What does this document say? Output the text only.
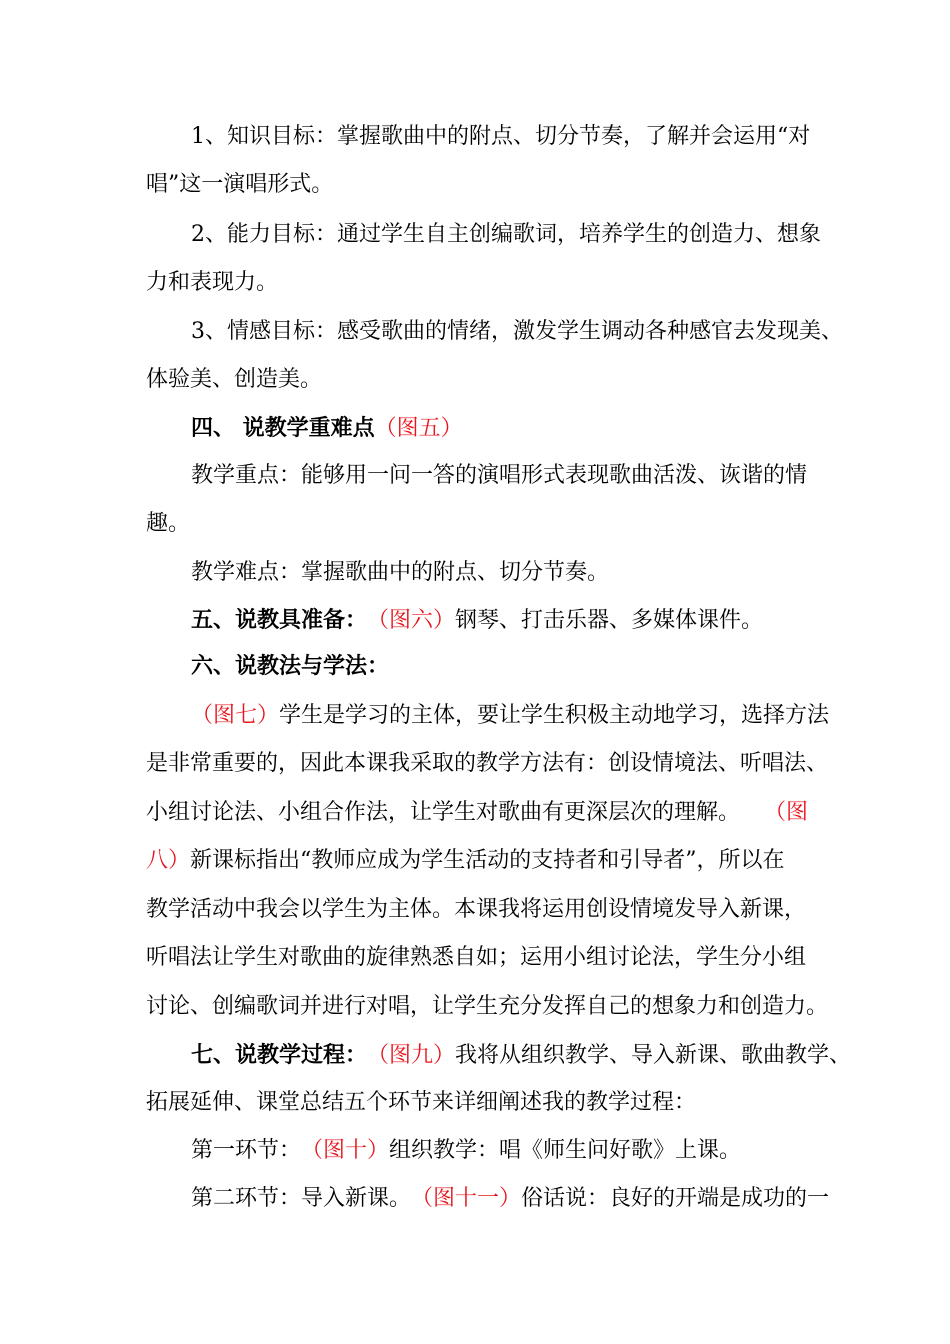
1、知识目标：掌握歌曲中的附点、切分节奏，了解并会运用“对
唱”这一演唱形式。
2、能力目标：通过学生自主创编歌词，培养学生的创造力、想象
力和表现力。
3、情感目标：感受歌曲的情绪，激发学生调动各种感官去发现美、
体验美、创造美。
四、 说教学重难点（图五）
教学重点：能够用一问一答的演唱形式表现歌曲活泼、诙谐的情
趣。
教学难点：掌握歌曲中的附点、切分节奏。
五、说教具准备：（图六）钢琴、打击乐器、多媒体课件。
六、说教法与学法：
（图七）学生是学习的主体，要让学生积极主动地学习，选择方法
是非常重要的，因此本课我采取的教学方法有：创设情境法、听唱法、
小组讨论法、小组合作法，让学生对歌曲有更深层次的理解。 （图
八）新课标指出“教师应成为学生活动的支持者和引导者”，所以在
教学活动中我会以学生为主体。本课我将运用创设情境发导入新课，
听唱法让学生对歌曲的旋律熟悉自如；运用小组讨论法，学生分小组
讨论、创编歌词并进行对唱，让学生充分发挥自己的想象力和创造力。
七、说教学过程：（图九）我将从组织教学、导入新课、歌曲教学、
拓展延伸、课堂总结五个环节来详细阐述我的教学过程：
第一环节：（图十）组织教学：唱《师生问好歌》上课。
第二环节：导入新课。（图十一）俗话说：良好的开端是成功的一
